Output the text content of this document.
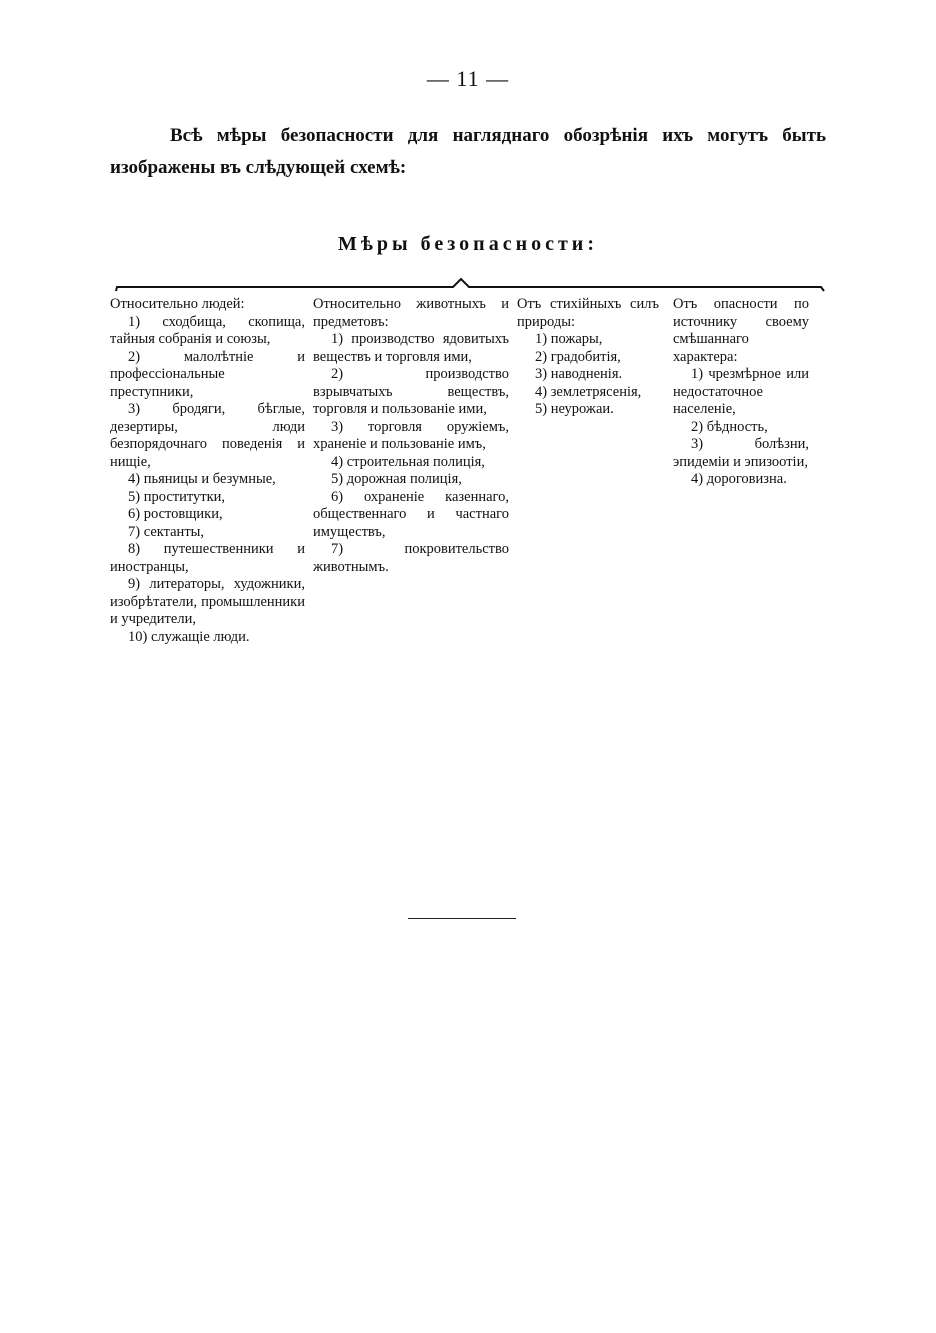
— 11 —
Всѣ мѣры безопасности для нагляднаго обозрѣнія ихъ могутъ быть изображены въ слѣдующей схемѣ:
Мѣры безопасности:
Относительно людей:

1) сходбища, скопища, тайныя собранія и союзы,

2) малолѣтніе и профессіональные преступники,

3) бродяги, бѣглые, дезертиры, люди безпорядочнаго поведенія и нищіе,

4) пьяницы и безумные,

5) проститутки,

6) ростовщики,

7) сектанты,

8) путешественники и иностранцы,

9) литераторы, художники, изобрѣтатели, промышленники и учредители,

10) служащіе люди.

Относительно животныхъ и предметовъ:

1) производство ядовитыхъ веществъ и торговля ими,

2) производство взрывчатыхъ веществъ, торговля и пользованіе ими,

3) торговля оружіемъ, храненіе и пользованіе имъ,

4) строительная полиція,

5) дорожная полиція,

6) охраненіе казеннаго, общественнаго и частнаго имуществъ,

7) покровительство животнымъ.

Отъ стихійныхъ силъ природы:

1) пожары,

2) градобитія,

3) наводненія.

4) землетрясенія,

5) неурожаи.

Отъ опасности по источнику своему смѣшаннаго характера:

1) чрезмѣрное или недостаточное населеніе,

2) бѣдность,

3) болѣзни, эпидеміи и эпизоотіи,

4) дороговизна.
